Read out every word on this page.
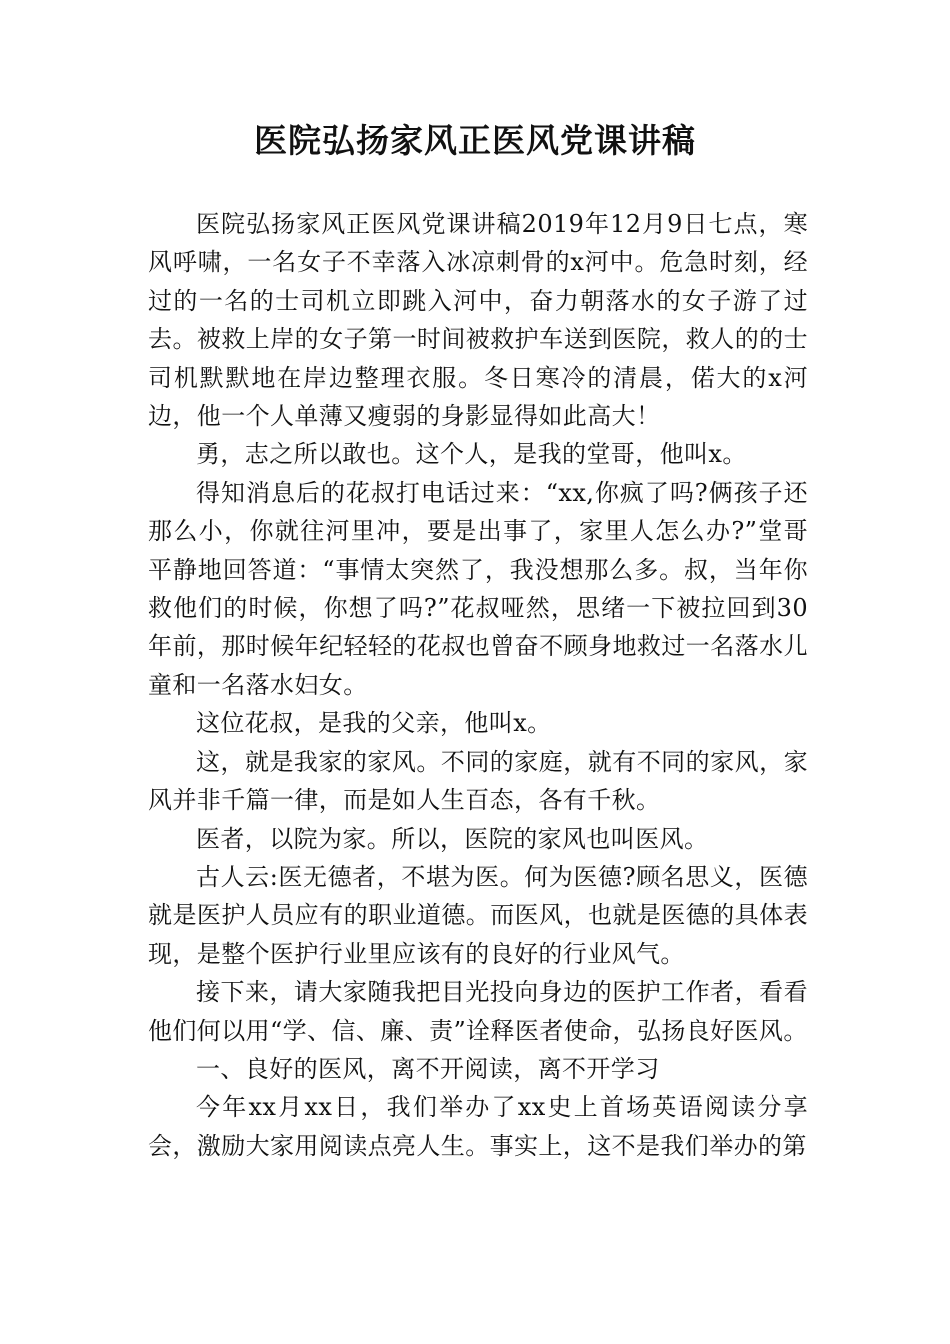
医院弘扬家风正医风党课讲稿

医院弘扬家风正医风党课讲稿2019年12月9日七点，寒风呼啸，一名女子不幸落入冰凉刺骨的x河中。危急时刻，经过的一名的士司机立即跳入河中，奋力朝落水的女子游了过去。被救上岸的女子第一时间被救护车送到医院，救人的的士司机默默地在岸边整理衣服。冬日寒冷的清晨，偌大的x河边，他一个人单薄又瘦弱的身影显得如此高大！

勇，志之所以敢也。这个人，是我的堂哥，他叫x。

得知消息后的花叔打电话过来：“xx,你疯了吗?俩孩子还那么小，你就往河里冲，要是出事了，家里人怎么办?”堂哥平静地回答道：“事情太突然了，我没想那么多。叔，当年你救他们的时候，你想了吗?”花叔哑然，思绪一下被拉回到30年前，那时候年纪轻轻的花叔也曾奋不顾身地救过一名落水儿童和一名落水妇女。

这位花叔，是我的父亲，他叫x。

这，就是我家的家风。不同的家庭，就有不同的家风，家风并非千篇一律，而是如人生百态，各有千秋。

医者，以院为家。所以，医院的家风也叫医风。

古人云:医无德者，不堪为医。何为医德?顾名思义，医德就是医护人员应有的职业道德。而医风，也就是医德的具体表现，是整个医护行业里应该有的良好的行业风气。

接下来，请大家随我把目光投向身边的医护工作者，看看他们何以用“学、信、廉、责”诠释医者使命，弘扬良好医风。

一、良好的医风，离不开阅读，离不开学习

今年xx月xx日，我们举办了xx史上首场英语阅读分享会，激励大家用阅读点亮人生。事实上，这不是我们举办的第
